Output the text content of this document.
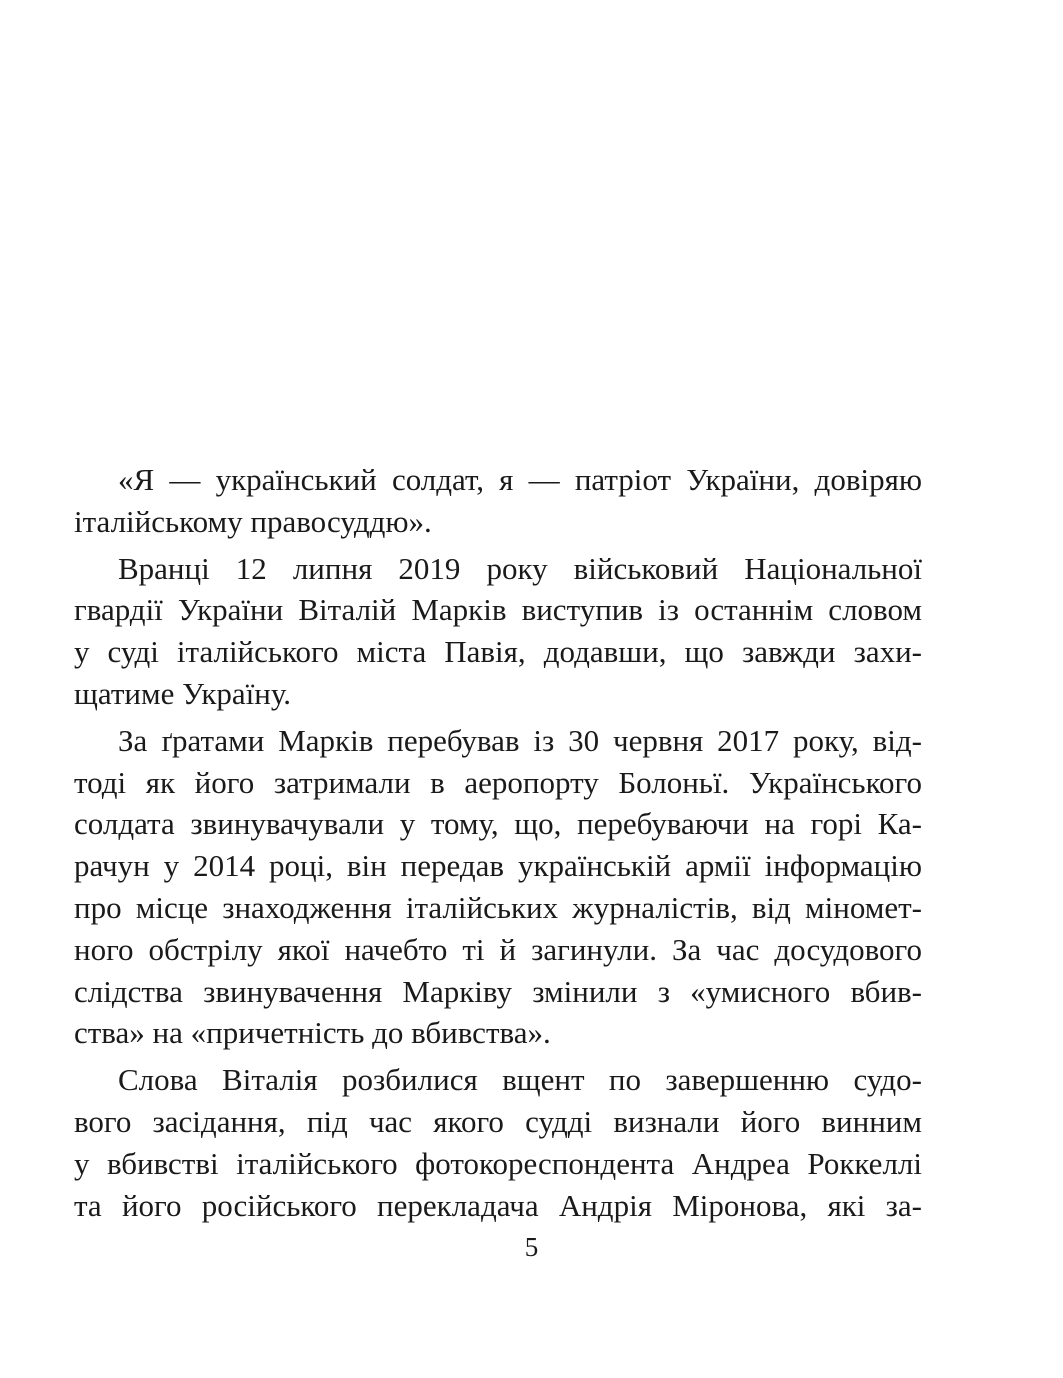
«Я — український солдат, я — патріот України, довіряю
італійському правосуддю».
Вранці 12 липня 2019 року військовий Національної
гвардії України Віталій Марків виступив із останнім словом
у суді італійського міста Павія, додавши, що завжди захи-
щатиме Україну.
За ґратами Марків перебував із 30 червня 2017 року, від-
тоді як його затримали в аеропорту Болоньї. Українського
солдата звинувачували у тому, що, перебуваючи на горі Ка-
рачун у 2014 році, він передав українській армії інформацію
про місце знаходження італійських журналістів, від міномет-
ного обстрілу якої начебто ті й загинули. За час досудового
слідства звинувачення Марківу змінили з «умисного вбив-
ства» на «причетність до вбивства».
Слова Віталія розбилися вщент по завершенню судо-
вого засідання, під час якого судді визнали його винним
у вбивстві італійського фотокореспондента Андреа Роккеллі
та його російського перекладача Андрія Міронова, які за-
5
